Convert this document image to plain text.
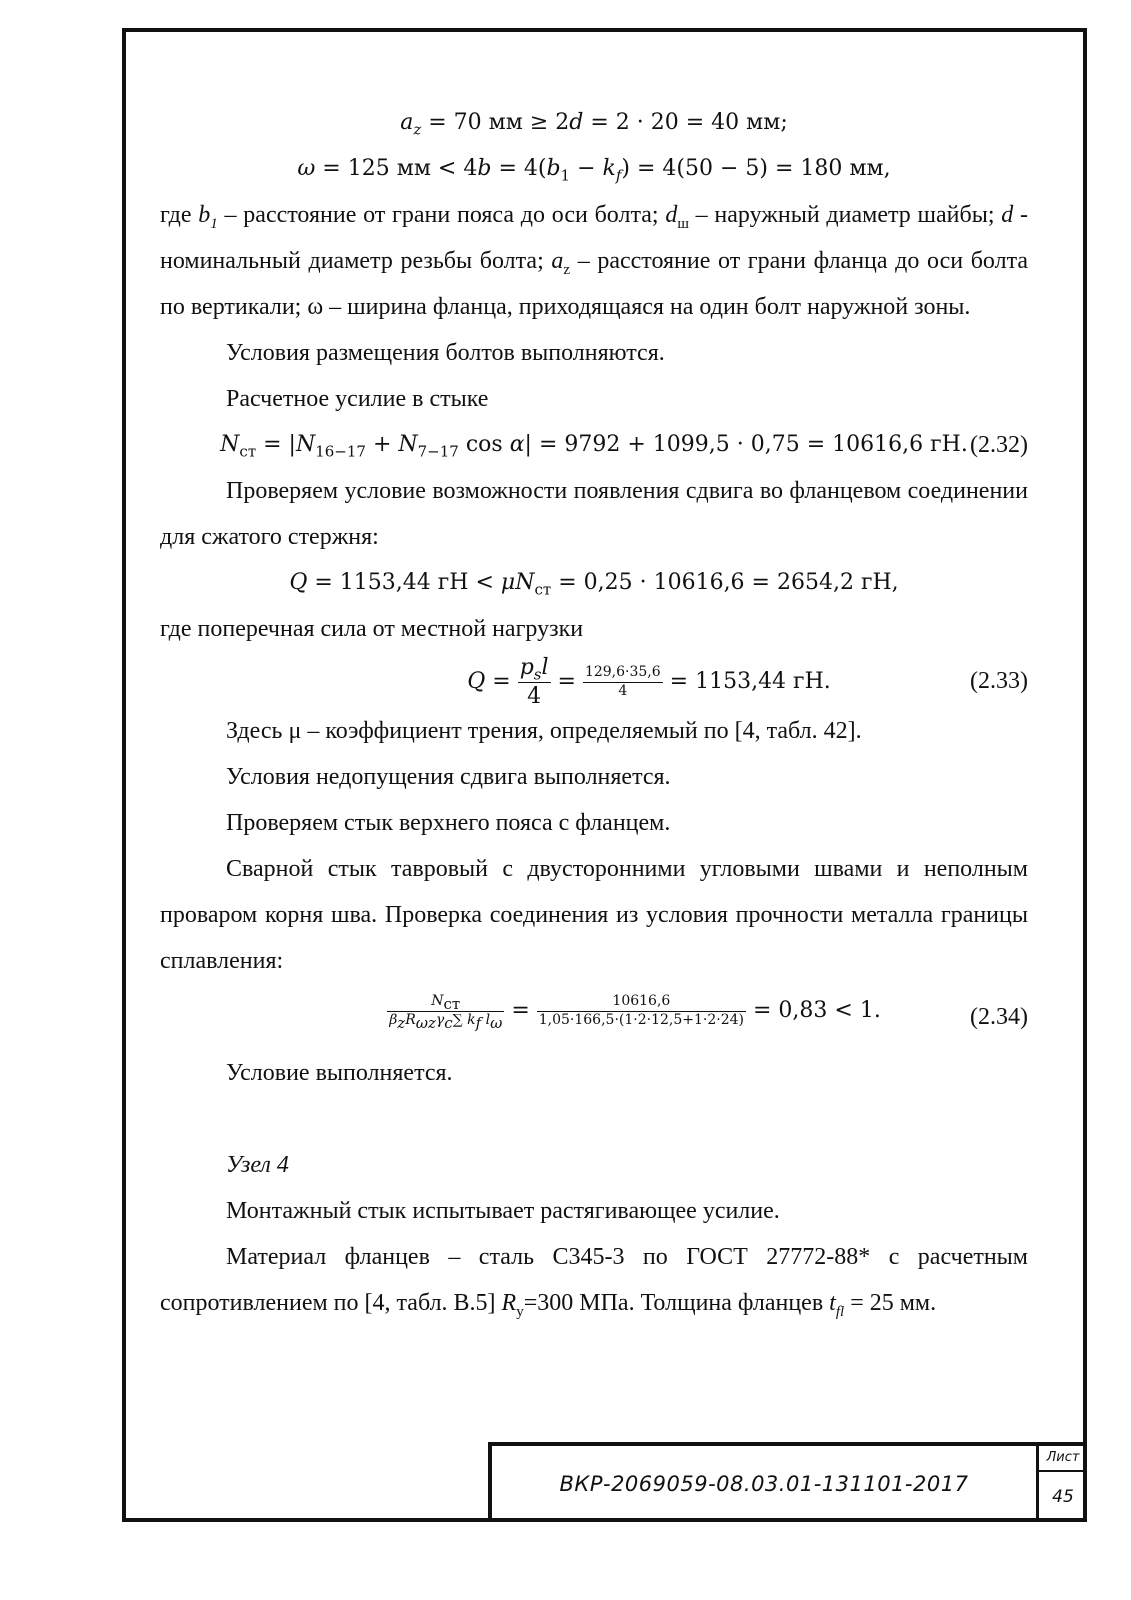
$a_z = 70$ мм ≥ 2d = 2 · 20 = 40 мм;
ω = 125 мм < $4b = 4(b_1 - k_f) = 4(50 - 5) = 180$ мм,

где $b_1$ – расстояние от грани пояса до оси болта; $d_ш$ – наружный диаметр шайбы; d - номинальный диаметр резьбы болта; $a_z$ – расстояние от грани фланца до оси болта по вертикали; ω – ширина фланца, приходящаяся на один болт наружной зоны.

Условия размещения болтов выполняются.

Расчетное усилие в стыке

$N_{ст} = |N_{16-17} + N_{7-17}$ cos α| = 9792 + 1099,5 · 0,75 = 10616,6 гН. (2.32)

Проверяем условие возможности появления сдвига во фланцевом соединении для сжатого стержня:

Q = 1153,44 гН < $\mu N_{ст} = 0,25 \cdot 10616,6 = 2654,2$ гН,

где поперечная сила от местной нагрузки

$Q = \frac{p_sl}{4} = \frac{129,6\cdot 35,6}{4} = 1153,44$ гН.	(2.33)

Здесь μ – коэффициент трения, определяемый по [4, табл. 42].

Условия недопущения сдвига выполняется.

Проверяем стык верхнего пояса с фланцем.

Сварной стык тавровый с двусторонними угловыми швами и неполным проваром корня шва. Проверка соединения из условия прочности металла границы сплавления:

$\frac{N_{ст}}{\beta_zR_{\omega z}\gamma_c\sum k_f l_\omega} = \frac{10616,6}{1,05\cdot 166,5\cdot(1\cdot 2\cdot 12,5+1\cdot 2\cdot 24)} = 0,83 < 1$.	(2.34)

Условие выполняется.

Узел 4

Монтажный стык испытывает растягивающее усилие.

Материал фланцев – сталь С345-3 по ГОСТ 27772-88* с расчетным сопротивлением по [4, табл. В.5] $R_y=300$ МПа. Толщина фланцев $t_{fl} = 25$ мм.

ВКР-2069059-08.03.01-131101-2017
Лист
45
